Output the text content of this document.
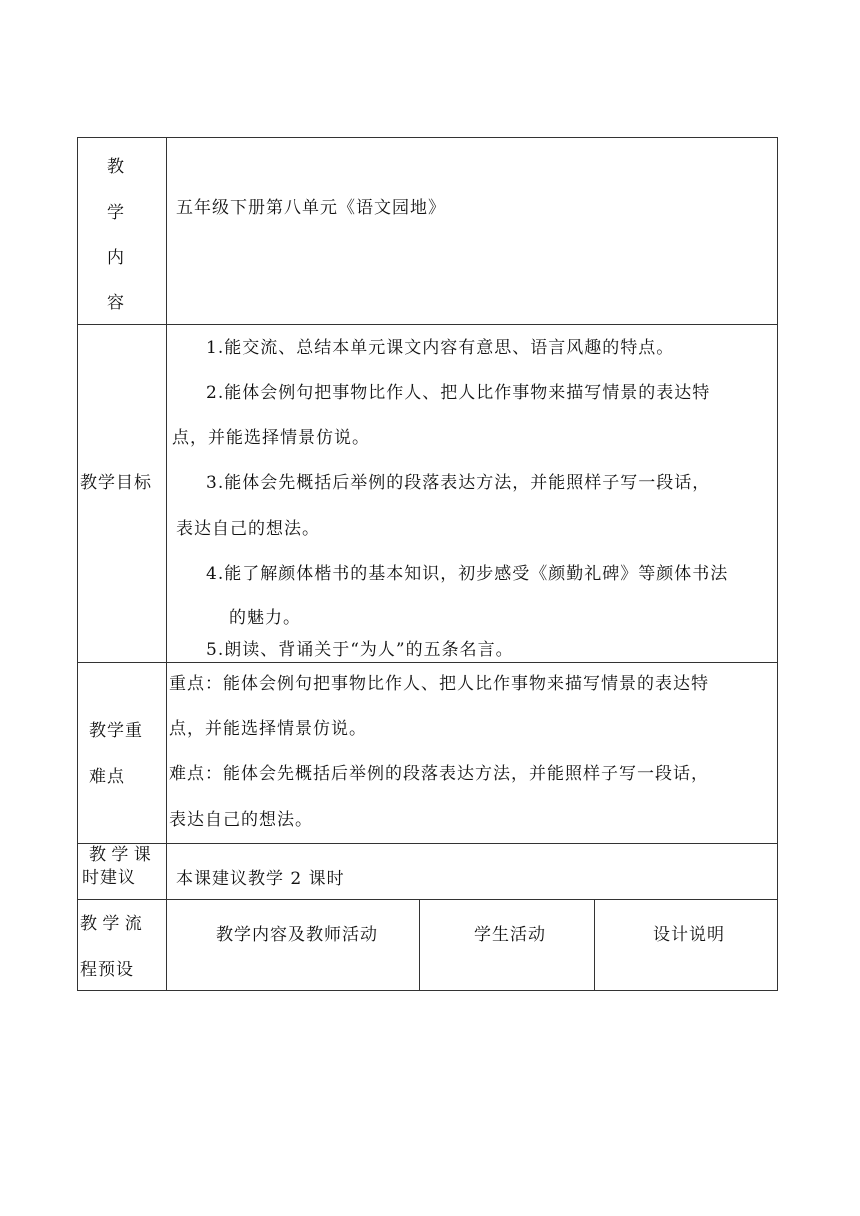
教
学
内
容
五年级下册第八单元《语文园地》
教学目标
1.能交流、总结本单元课文内容有意思、语言风趣的特点。
2.能体会例句把事物比作人、把人比作事物来描写情景的表达特
点，并能选择情景仿说。
3.能体会先概括后举例的段落表达方法，并能照样子写一段话，
表达自己的想法。
4.能了解颜体楷书的基本知识，初步感受《颜勤礼碑》等颜体书法
的魅力。
5.朗读、背诵关于“为人”的五条名言。
教学重
难点
重点：能体会例句把事物比作人、把人比作事物来描写情景的表达特
点，并能选择情景仿说。
难点：能体会先概括后举例的段落表达方法，并能照样子写一段话，
表达自己的想法。
教 学 课
时建议 本课建议教学 2 课时
教 学 流
程预设
教学内容及教师活动	学生活动	设计说明
